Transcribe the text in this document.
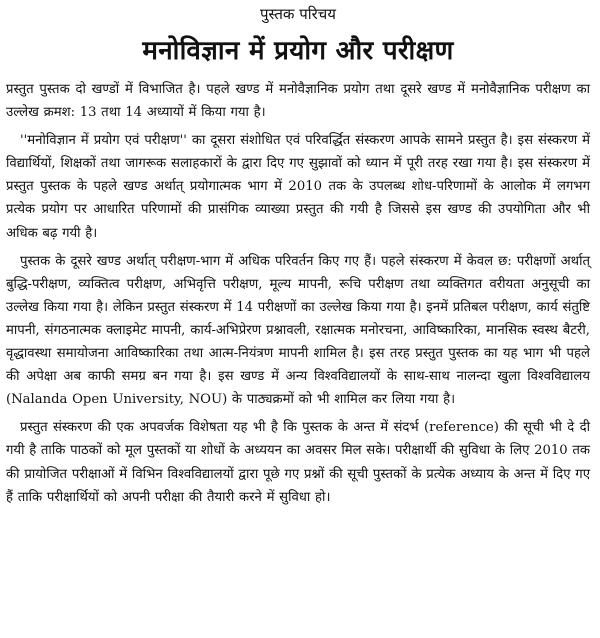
पुस्तक परिचय

मनोविज्ञान में प्रयोग और परीक्षण

प्रस्तुत पुस्तक दो खण्डों में विभाजित है। पहले खण्ड में मनोवैज्ञानिक प्रयोग तथा दूसरे खण्ड में मनोवैज्ञानिक परीक्षण का उल्लेख क्रमश: 13 तथा 14 अध्यायों में किया गया है।

''मनोविज्ञान में प्रयोग एवं परीक्षण'' का दूसरा संशोधित एवं परिवर्द्धित संस्करण आपके सामने प्रस्तुत है। इस संस्करण में विद्यार्थियों, शिक्षकों तथा जागरूक सलाहकारों के द्वारा दिए गए सुझावों को ध्यान में पूरी तरह रखा गया है। इस संस्करण में प्रस्तुत पुस्तक के पहले खण्ड अर्थात् प्रयोगात्मक भाग में 2010 तक के उपलब्ध शोध-परिणामों के आलोक में लगभग प्रत्येक प्रयोग पर आधारित परिणामों की प्रासंगिक व्याख्या प्रस्तुत की गयी है जिससे इस खण्ड की उपयोगिता और भी अधिक बढ़ गयी है।

पुस्तक के दूसरे खण्ड अर्थात् परीक्षण-भाग में अधिक परिवर्तन किए गए हैं। पहले संस्करण में केवल छ: परीक्षणों अर्थात् बुद्धि-परीक्षण, व्यक्तित्व परीक्षण, अभिवृत्ति परीक्षण, मूल्य मापनी, रूचि परीक्षण तथा व्यक्तिगत वरीयता अनुसूची का उल्लेख किया गया है। लेकिन प्रस्तुत संस्करण में 14 परीक्षणों का उल्लेख किया गया है। इनमें प्रतिबल परीक्षण, कार्य संतुष्टि मापनी, संगठनात्मक क्लाइमेट मापनी, कार्य-अभिप्रेरण प्रश्नावली, रक्षात्मक मनोरचना, आविष्कारिका, मानसिक स्वस्थ बैटरी, वृद्धावस्था समायोजना आविष्कारिका तथा आत्म-नियंत्रण मापनी शामिल है। इस तरह प्रस्तुत पुस्तक का यह भाग भी पहले की अपेक्षा अब काफी समग्र बन गया है। इस खण्ड में अन्य विश्वविद्यालयों के साथ-साथ नालन्दा खुला विश्वविद्यालय (Nalanda Open University, NOU) के पाठ्यक्रमों को भी शामिल कर लिया गया है।

प्रस्तुत संस्करण की एक अपवर्जक विशेषता यह भी है कि पुस्तक के अन्त में संदर्भ (reference) की सूची भी दे दी गयी है ताकि पाठकों को मूल पुस्तकों या शोधों के अध्ययन का अवसर मिल सके। परीक्षार्थी की सुविधा के लिए 2010 तक की प्रायोजित परीक्षाओं में विभिन विश्वविद्यालयों द्वारा पूछे गए प्रश्नों की सूची पुस्तकों के प्रत्येक अध्याय के अन्त में दिए गए हैं ताकि परीक्षार्थियों को अपनी परीक्षा की तैयारी करने में सुविधा हो।
